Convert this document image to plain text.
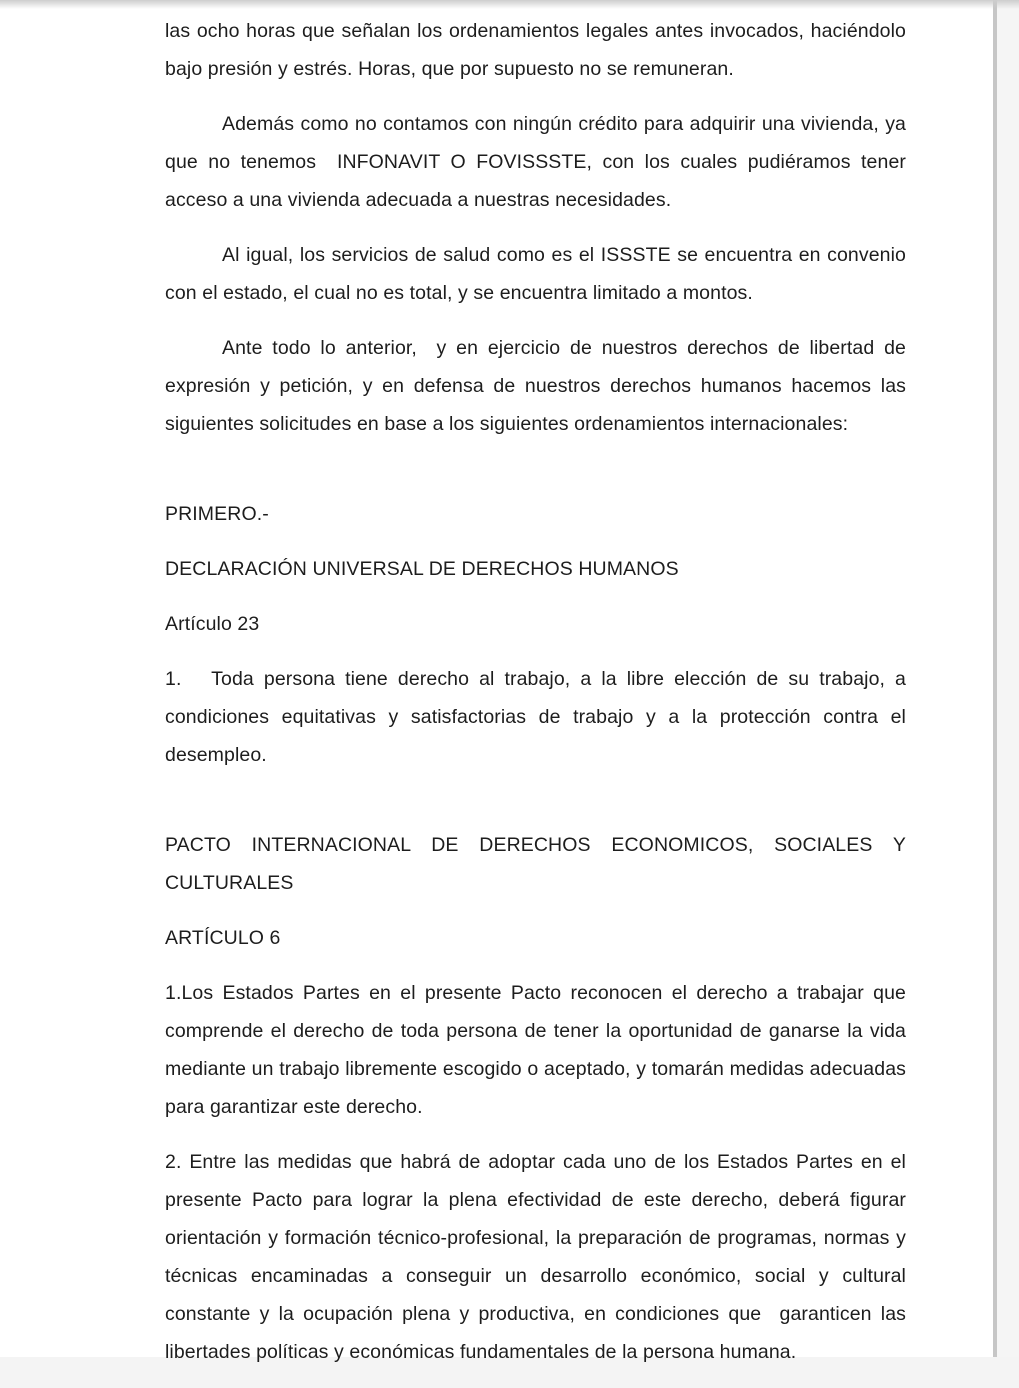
las ocho horas que señalan los ordenamientos legales antes invocados, haciéndolo bajo presión y estrés. Horas, que por supuesto no se remuneran.

Además como no contamos con ningún crédito para adquirir una vivienda, ya que no tenemos  INFONAVIT O FOVISSSTE, con los cuales pudiéramos tener acceso a una vivienda adecuada a nuestras necesidades.

Al igual, los servicios de salud como es el ISSSTE se encuentra en convenio con el estado, el cual no es total, y se encuentra limitado a montos.

Ante todo lo anterior,  y en ejercicio de nuestros derechos de libertad de expresión y petición, y en defensa de nuestros derechos humanos hacemos las siguientes solicitudes en base a los siguientes ordenamientos internacionales:

PRIMERO.-

DECLARACIÓN UNIVERSAL DE DERECHOS HUMANOS

Artículo 23

1.   Toda persona tiene derecho al trabajo, a la libre elección de su trabajo, a condiciones equitativas y satisfactorias de trabajo y a la protección contra el desempleo.

PACTO INTERNACIONAL DE DERECHOS ECONOMICOS, SOCIALES Y CULTURALES

ARTÍCULO 6

1.Los Estados Partes en el presente Pacto reconocen el derecho a trabajar que comprende el derecho de toda persona de tener la oportunidad de ganarse la vida mediante un trabajo libremente escogido o aceptado, y tomarán medidas adecuadas para garantizar este derecho.

2. Entre las medidas que habrá de adoptar cada uno de los Estados Partes en el presente Pacto para lograr la plena efectividad de este derecho, deberá figurar orientación y formación técnico-profesional, la preparación de programas, normas y técnicas encaminadas a conseguir un desarrollo económico, social y cultural constante y la ocupación plena y productiva, en condiciones que  garanticen las libertades políticas y económicas fundamentales de la persona humana.
